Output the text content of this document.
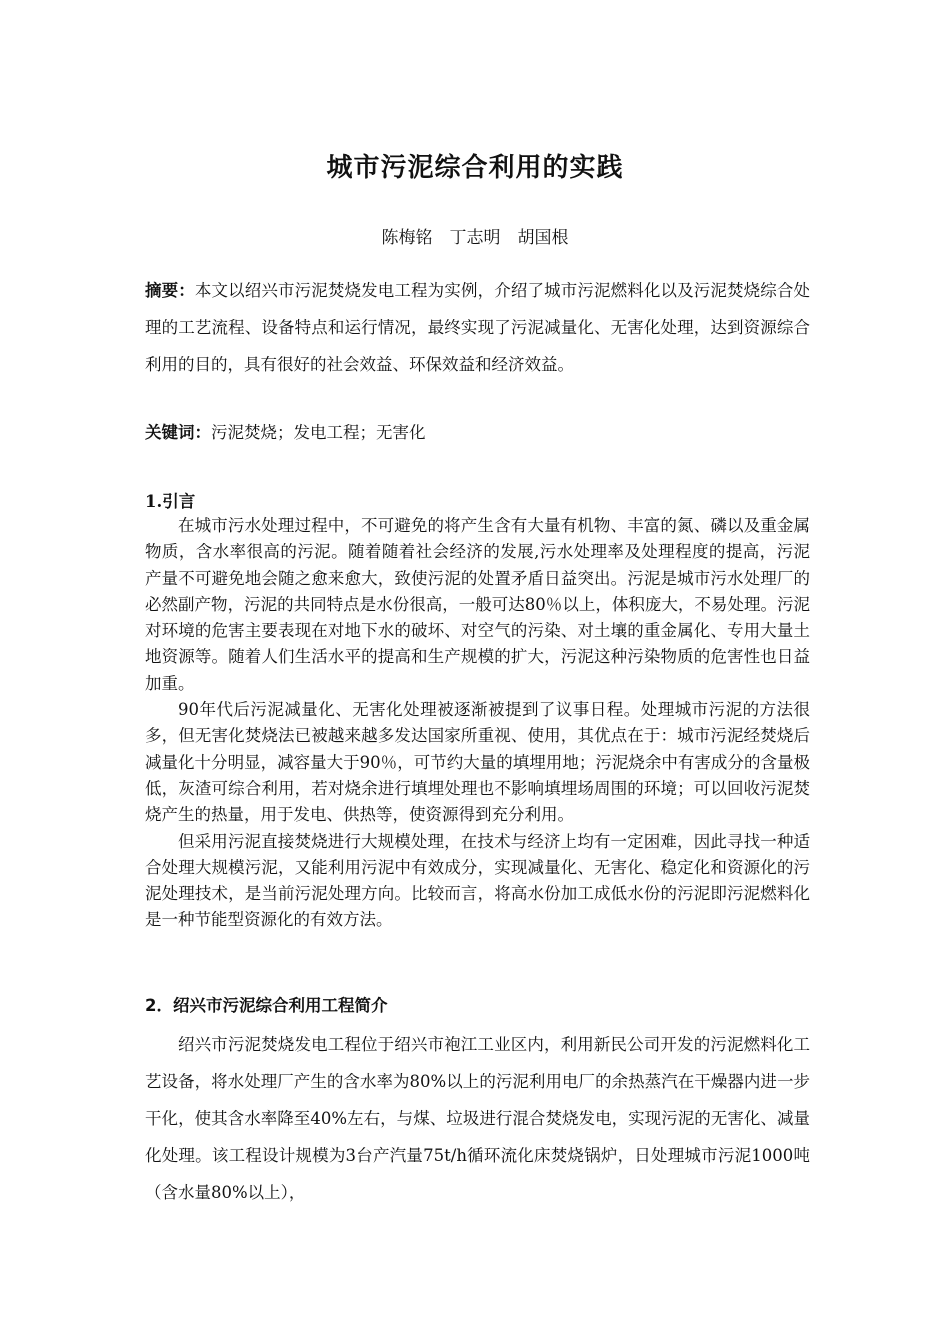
城市污泥综合利用的实践
陈梅铭　丁志明　胡国根

摘要：本文以绍兴市污泥焚烧发电工程为实例，介绍了城市污泥燃料化以及污泥焚烧综合处理的工艺流程、设备特点和运行情况，最终实现了污泥减量化、无害化处理，达到资源综合利用的目的，具有很好的社会效益、环保效益和经济效益。

关键词：污泥焚烧；发电工程；无害化

1.引言

在城市污水处理过程中，不可避免的将产生含有大量有机物、丰富的氮、磷以及重金属物质，含水率很高的污泥。随着随着社会经济的发展,污水处理率及处理程度的提高，污泥产量不可避免地会随之愈来愈大，致使污泥的处置矛盾日益突出。污泥是城市污水处理厂的必然副产物，污泥的共同特点是水份很高，一般可达80％以上，体积庞大，不易处理。污泥对环境的危害主要表现在对地下水的破坏、对空气的污染、对土壤的重金属化、专用大量土地资源等。随着人们生活水平的提高和生产规模的扩大，污泥这种污染物质的危害性也日益加重。

90年代后污泥减量化、无害化处理被逐渐被提到了议事日程。处理城市污泥的方法很多，但无害化焚烧法已被越来越多发达国家所重视、使用，其优点在于：城市污泥经焚烧后减量化十分明显，减容量大于90％，可节约大量的填埋用地；污泥烧余中有害成分的含量极低，灰渣可综合利用，若对烧余进行填埋处理也不影响填埋场周围的环境；可以回收污泥焚烧产生的热量，用于发电、供热等，使资源得到充分利用。

但采用污泥直接焚烧进行大规模处理，在技术与经济上均有一定困难，因此寻找一种适合处理大规模污泥，又能利用污泥中有效成分，实现减量化、无害化、稳定化和资源化的污泥处理技术，是当前污泥处理方向。比较而言，将高水份加工成低水份的污泥即污泥燃料化是一种节能型资源化的有效方法。

2．绍兴市污泥综合利用工程简介

绍兴市污泥焚烧发电工程位于绍兴市袍江工业区内，利用新民公司开发的污泥燃料化工艺设备，将水处理厂产生的含水率为80%以上的污泥利用电厂的余热蒸汽在干燥器内进一步干化，使其含水率降至40%左右，与煤、垃圾进行混合焚烧发电，实现污泥的无害化、减量化处理。该工程设计规模为3台产汽量75t/h循环流化床焚烧锅炉，日处理城市污泥1000吨（含水量80%以上），
